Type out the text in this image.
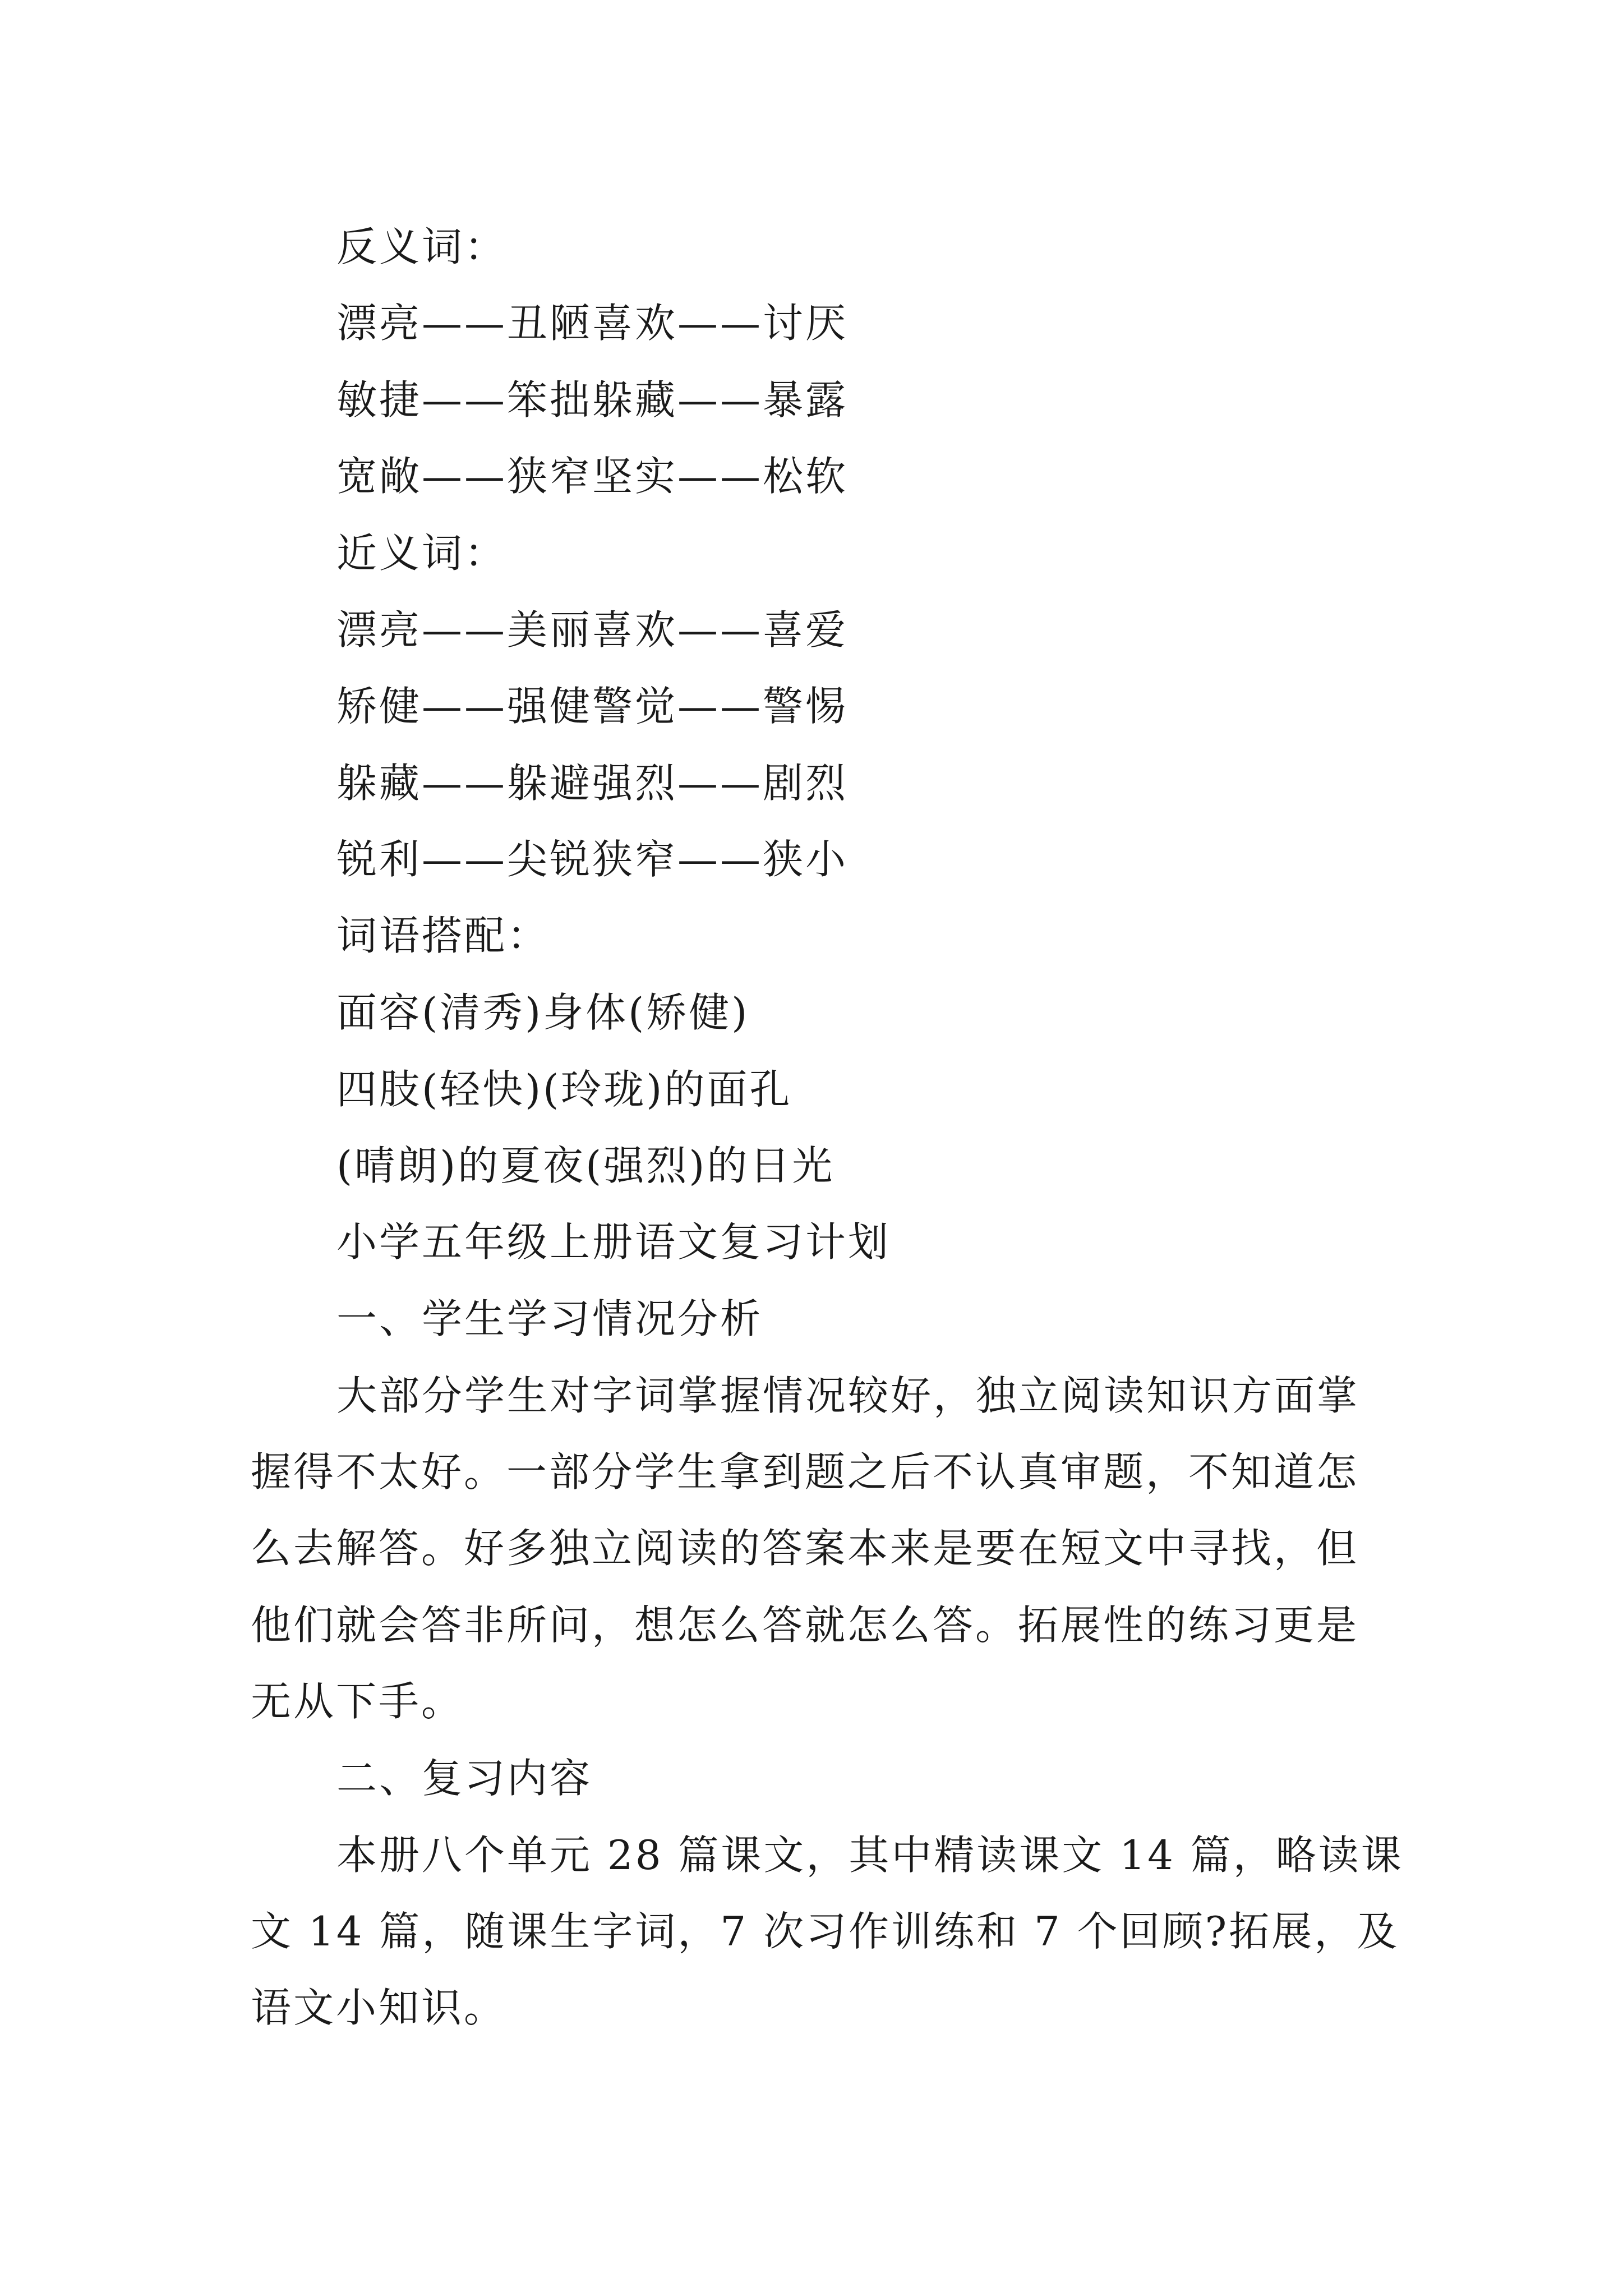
反义词：
漂亮——丑陋喜欢——讨厌
敏捷——笨拙躲藏——暴露
宽敞——狭窄坚实——松软
近义词：
漂亮——美丽喜欢——喜爱
矫健——强健警觉——警惕
躲藏——躲避强烈——剧烈
锐利——尖锐狭窄——狭小
词语搭配：
面容(清秀)身体(矫健)
四肢(轻快)(玲珑)的面孔
(晴朗)的夏夜(强烈)的日光
小学五年级上册语文复习计划
一、学生学习情况分析
大部分学生对字词掌握情况较好，独立阅读知识方面掌
握得不太好。一部分学生拿到题之后不认真审题，不知道怎
么去解答。好多独立阅读的答案本来是要在短文中寻找，但
他们就会答非所问，想怎么答就怎么答。拓展性的练习更是
无从下手。
二、复习内容
本册八个单元 28 篇课文，其中精读课文 14 篇，略读课
文 14 篇，随课生字词，7 次习作训练和 7 个回顾?拓展，及
语文小知识。
